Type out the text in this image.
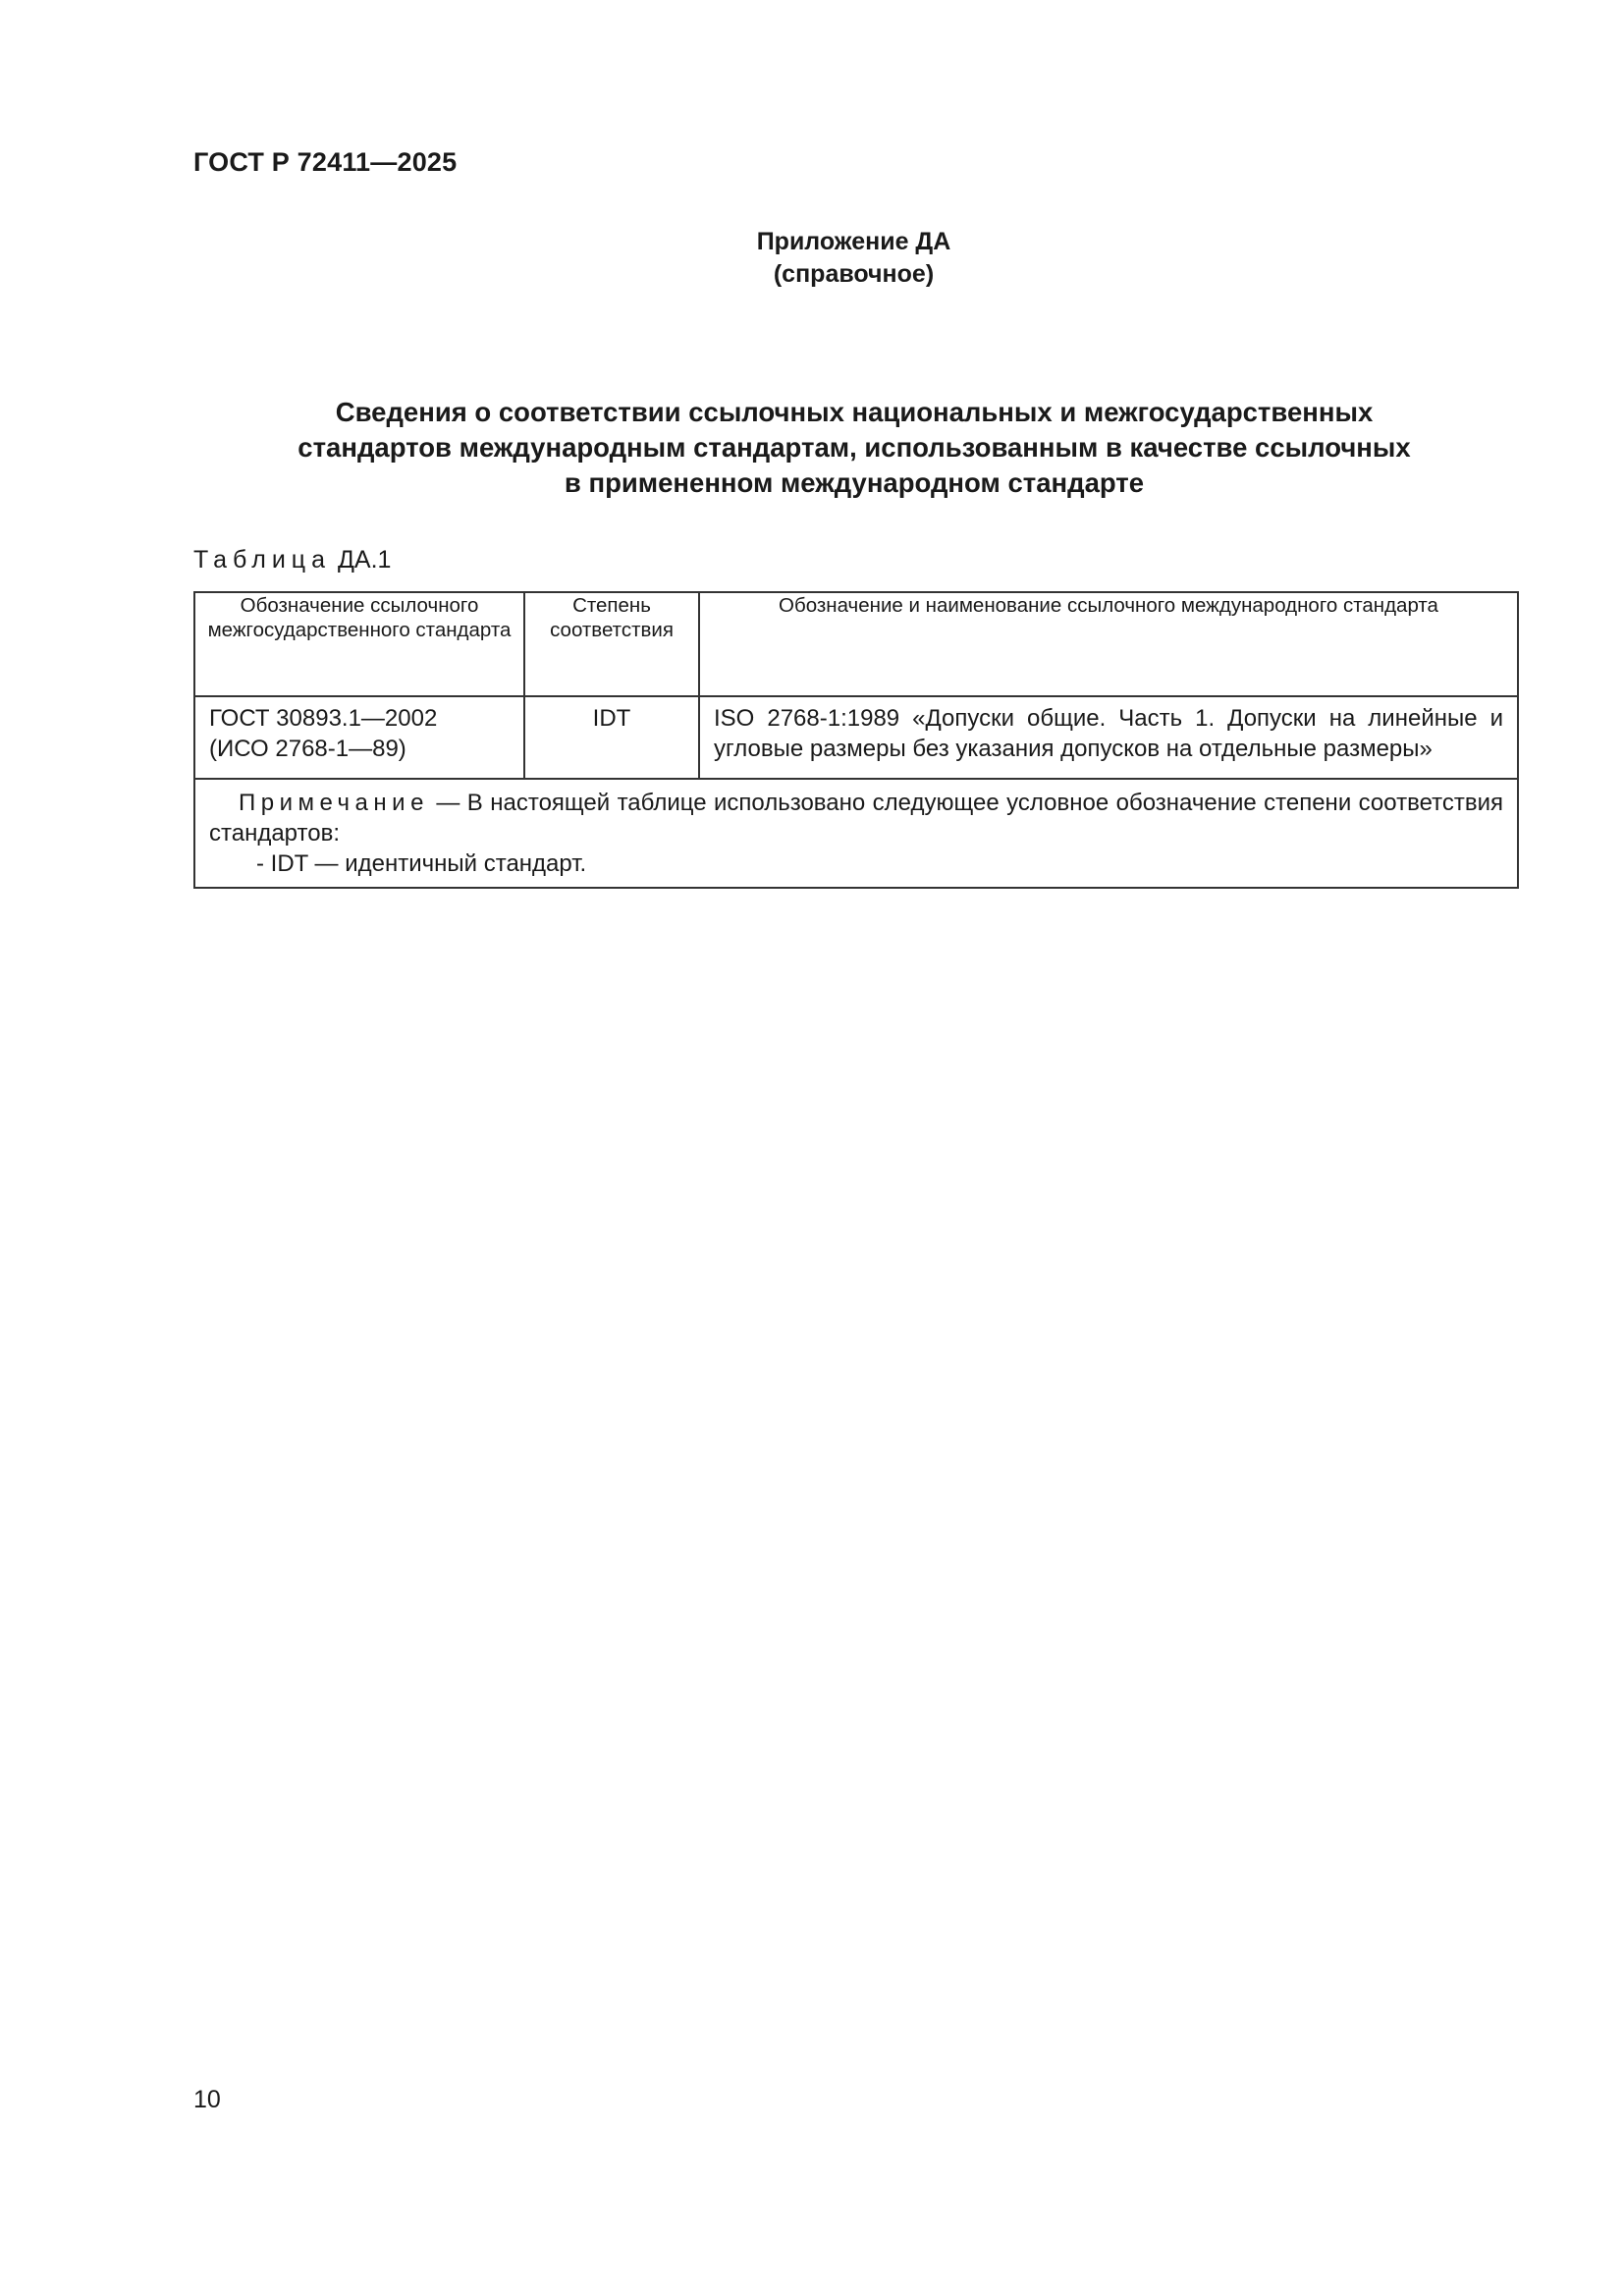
ГОСТ Р 72411—2025
Приложение ДА
(справочное)
Сведения о соответствии ссылочных национальных и межгосударственных
стандартов международным стандартам, использованным в качестве ссылочных
в примененном международном стандарте
Таблица ДА.1
Обозначение ссылочного межгосударственного стандарта	Степень соответствия	Обозначение и наименование ссылочного международного стандарта

ГОСТ 30893.1—2002
(ИСО 2768-1—89)	IDT	ISO 2768-1:1989 «Допуски общие. Часть 1. Допуски на линейные и угловые размеры без указания допусков на отдельные размеры»
Примечание — В настоящей таблице использовано следующее условное обозначение степени соответствия стандартов:
- IDT — идентичный стандарт.		
10
